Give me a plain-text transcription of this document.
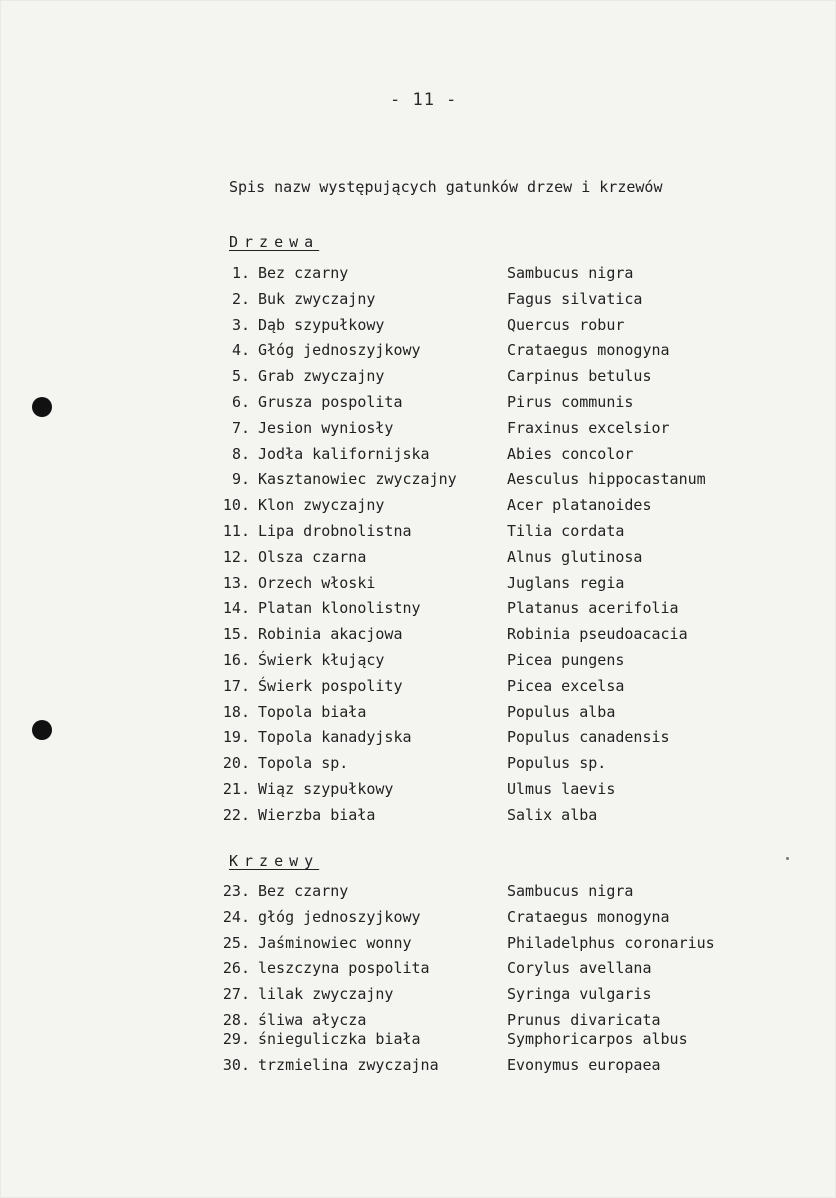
- 11 -
Spis nazw występujących gatunków drzew i krzewów
Drzewa
1. Bez czarny	Sambucus nigra
2. Buk zwyczajny	Fagus silvatica
3. Dąb szypułkowy	Quercus robur
4. Głóg jednoszyjkowy	Crataegus monogyna
5. Grab zwyczajny	Carpinus betulus
6. Grusza pospolita	Pirus communis
7. Jesion wyniosły	Fraxinus excelsior
8. Jodła kalifornijska	Abies concolor
9. Kasztanowiec zwyczajny	Aesculus hippocastanum
10. Klon zwyczajny	Acer platanoides
11. Lipa drobnolistna	Tilia cordata
12. Olsza czarna	Alnus glutinosa
13. Orzech włoski	Juglans regia
14. Platan klonolistny	Platanus acerifolia
15. Robinia akacjowa	Robinia pseudoacacia
16. Świerk kłujący	Picea pungens
17. Świerk pospolity	Picea excelsa
18. Topola biała	Populus alba
19. Topola kanadyjska	Populus canadensis
20. Topola sp.	Populus sp.
21. Wiąz szypułkowy	Ulmus laevis
22. Wierzba biała	Salix alba
Krzewy
23. Bez czarny	Sambucus nigra
24. głóg jednoszyjkowy	Crataegus monogyna
25. Jaśminowiec wonny	Philadelphus coronarius
26. leszczyna pospolita	Corylus avellana
27. lilak zwyczajny	Syringa vulgaris
28. śliwa ałycza	Prunus divaricata
29. śnieguliczka biała	Symphoricarpos albus
30. trzmielina zwyczajna	Evonymus europaea
